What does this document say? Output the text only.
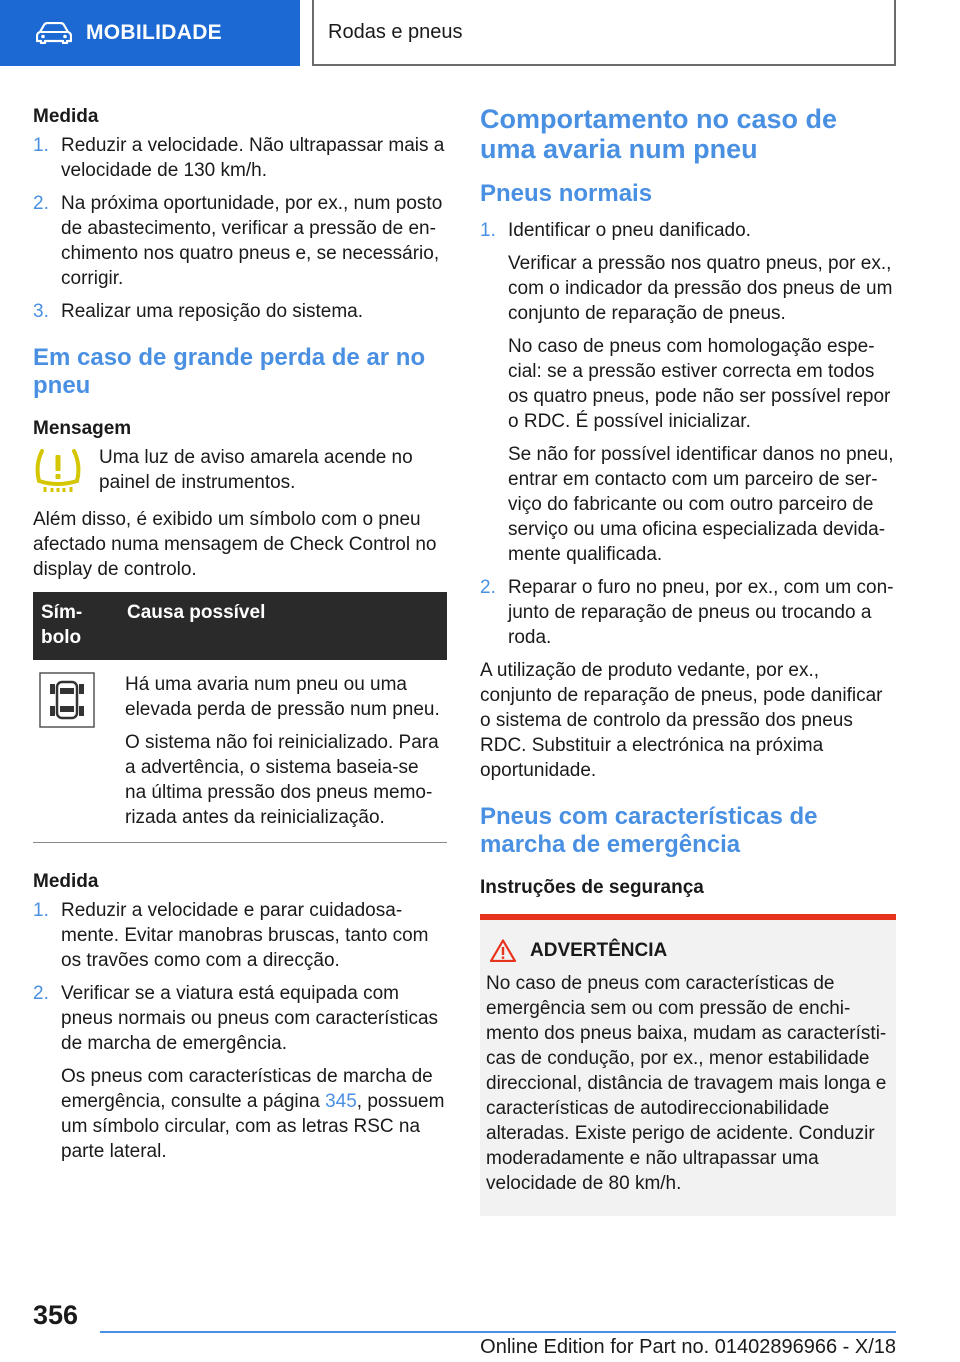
MOBILIDADE	Rodas e pneus
Medida
1. Reduzir a velocidade. Não ultrapassar mais a velocidade de 130 km/h.
2. Na próxima oportunidade, por ex., num posto de abastecimento, verificar a pressão de enchimento nos quatro pneus e, se necessário, corrigir.
3. Realizar uma reposição do sistema.
Em caso de grande perda de ar no pneu
Mensagem
Uma luz de aviso amarela acende no painel de instrumentos.
Além disso, é exibido um símbolo com o pneu afectado numa mensagem de Check Control no display de controlo.
Símbolo	Causa possível

Há uma avaria num pneu ou uma elevada perda de pressão num pneu.

O sistema não foi reinicializado. Para a advertência, o sistema baseia-se na última pressão dos pneus memorizada antes da reinicialização.

Medida
1. Reduzir a velocidade e parar cuidadosamente. Evitar manobras bruscas, tanto com os travões como com a direcção.
2. Verificar se a viatura está equipada com pneus normais ou pneus com características de marcha de emergência.

Os pneus com características de marcha de emergência, consulte a página 345, possuem um símbolo circular, com as letras RSC na parte lateral.

Comportamento no caso de uma avaria num pneu
Pneus normais
1. Identificar o pneu danificado.

Verificar a pressão nos quatro pneus, por ex., com o indicador da pressão dos pneus de um conjunto de reparação de pneus.

No caso de pneus com homologação especial: se a pressão estiver correcta em todos os quatro pneus, pode não ser possível repor o RDC. É possível inicializar.

Se não for possível identificar danos no pneu, entrar em contacto com um parceiro de serviço do fabricante ou com outro parceiro de serviço ou uma oficina especializada devidamente qualificada.

2. Reparar o furo no pneu, por ex., com um conjunto de reparação de pneus ou trocando a roda.
A utilização de produto vedante, por ex., conjunto de reparação de pneus, pode danificar o sistema de controlo da pressão dos pneus RDC. Substituir a electrónica na próxima oportunidade.
Pneus com características de marcha de emergência
Instruções de segurança
ADVERTÊNCIA
No caso de pneus com características de emergência sem ou com pressão de enchimento dos pneus baixa, mudam as características de condução, por ex., menor estabilidade direccional, distância de travagem mais longa e características de autodireccionabilidade alteradas. Existe perigo de acidente. Conduzir moderadamente e não ultrapassar uma velocidade de 80 km/h.
356
Online Edition for Part no. 01402896966 - X/18
